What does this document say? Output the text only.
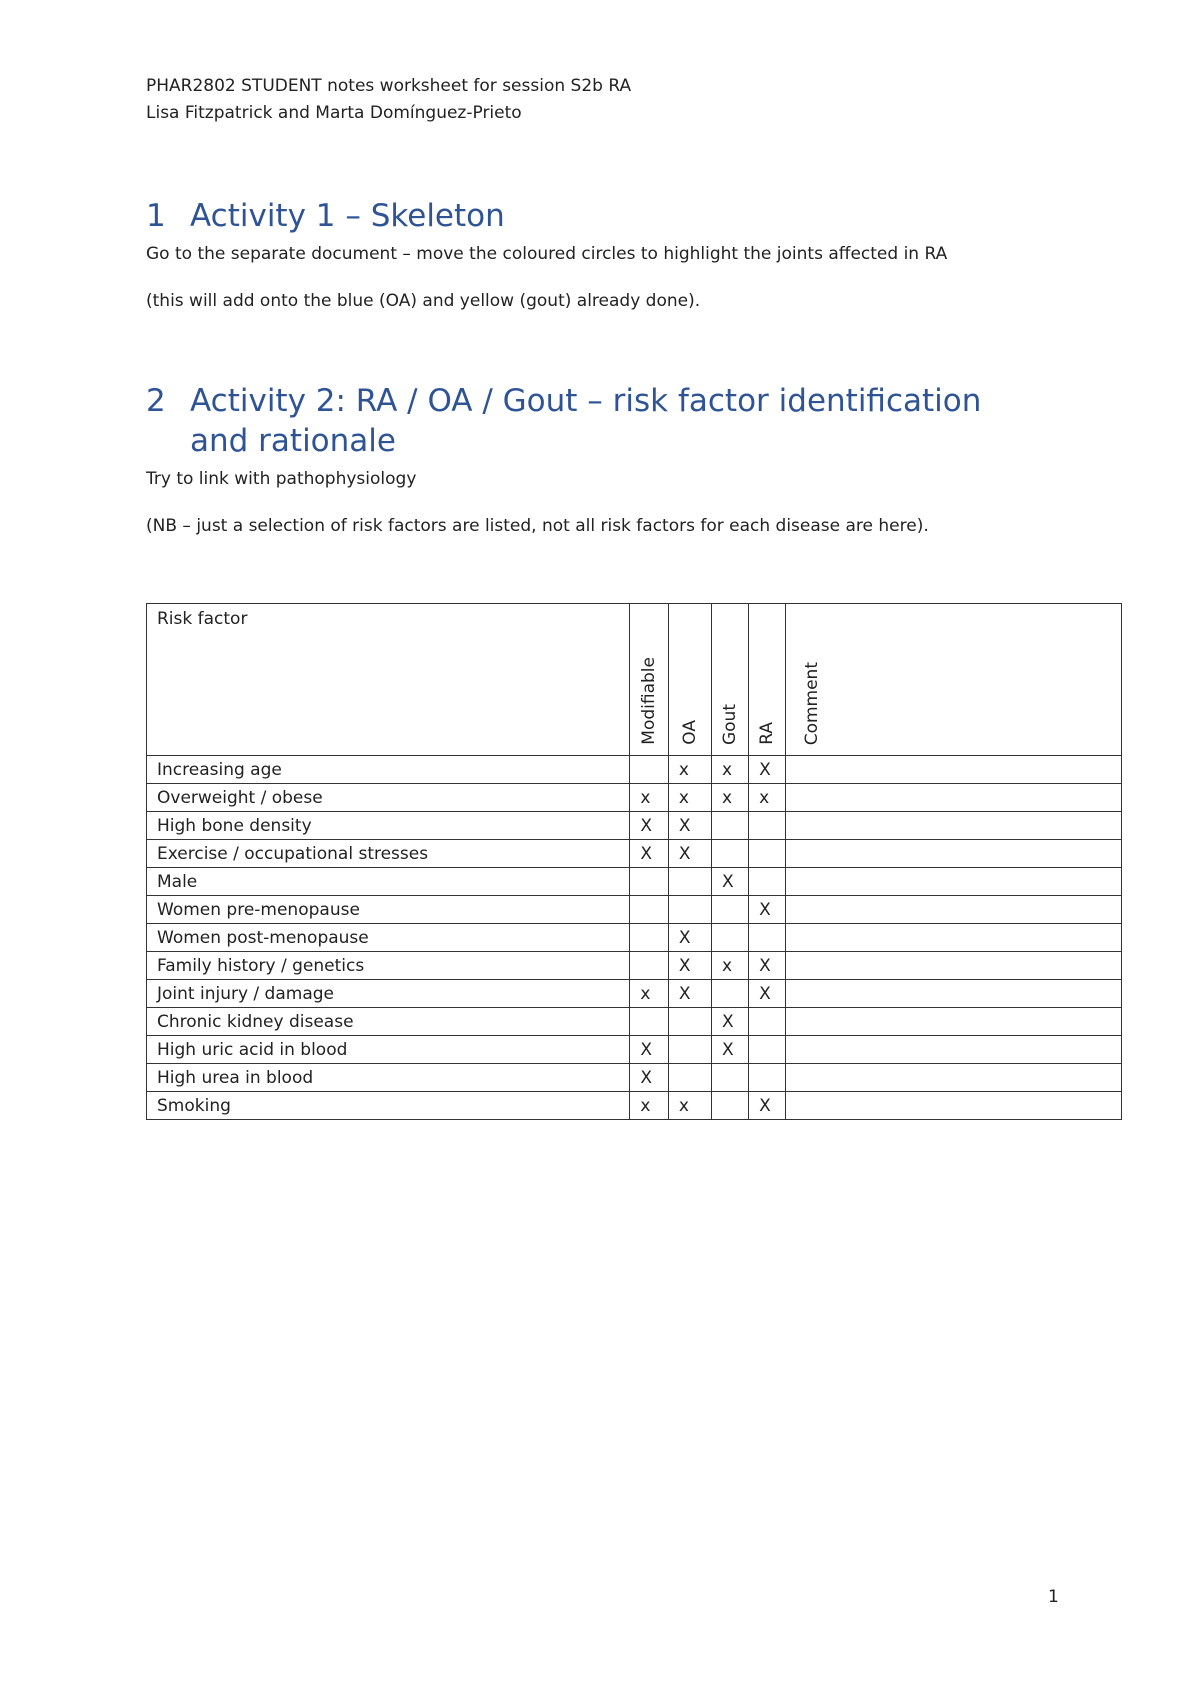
PHAR2802 STUDENT notes worksheet for session S2b RA
Lisa Fitzpatrick and Marta Domínguez-Prieto
1 Activity 1 – Skeleton
Go to the separate document – move the coloured circles to highlight the joints affected in RA
(this will add onto the blue (OA) and yellow (gout) already done).
2 Activity 2: RA / OA / Gout – risk factor identification
and rationale
Try to link with pathophysiology
(NB – just a selection of risk factors are listed, not all risk factors for each disease are here).
Risk factor	Modifiable	OA	Gout	RA	Comment

Increasing age		x	x	X	
Overweight / obese	x	x	x	x	
High bone density	X	X			
Exercise / occupational stresses	X	X			
Male			X		
Women pre-menopause				X	
Women post-menopause		X			
Family history / genetics		X	x	X	
Joint injury / damage	x	X		X	
Chronic kidney disease			X		
High uric acid in blood	X		X		
High urea in blood	X				
Smoking	x	x		X	
1
